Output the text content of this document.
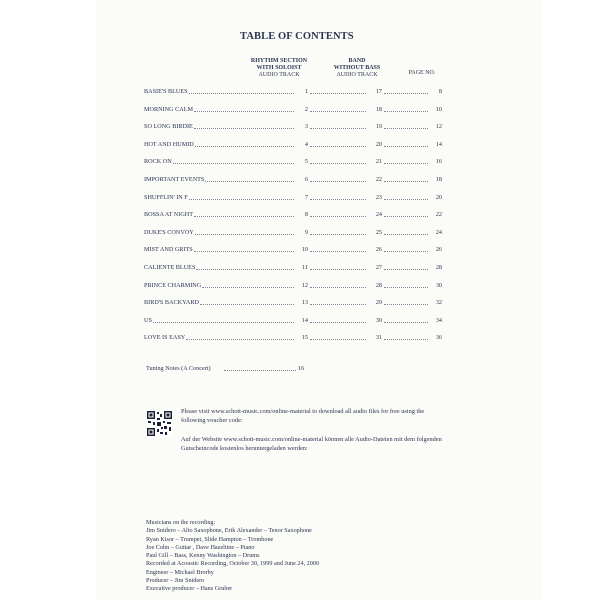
TABLE OF CONTENTS
RHYTHM SECTION
WITH SOLOIST
AUDIO TRACK
BAND
WITHOUT BASS
AUDIO TRACK	PAGE NO.
BASIE'S BLUES	1	17	8
MORNING CALM	2	18	10
SO LONG BIRDIE	3	19	12
HOT AND HUMID	4	20	14
ROCK ON	5	21	16
IMPORTANT EVENTS	6	22	18
SHUFFLIN' IN F	7	23	20
BOSSA AT NIGHT	8	24	22
DUKE'S CONVOY	9	25	24
MIST AND GRITS	10	26	26
CALIENTE BLUES	11	27	28
PRINCE CHARMING	12	28	30
BIRD'S BACKYARD	13	29	32
US	14	30	34
LOVE IS EASY	15	31	36
Tuning Notes (A Concert)	16

Please visit www.schott-music.com/online-material to download all audio files for free using the following voucher code:

Auf der Website www.schott-music.com/online-material können alle Audio-Dateien mit dem folgenden Gutscheincode kostenlos heruntergeladen werden:

Musicians on the recording:
Jim Snidero – Alto Saxophone, Erik Alexander – Tenor Saxophone
Ryan Kisor – Trumpet, Slide Hampton – Trombone
Joe Cohn – Guitar , Dave Hazeltine – Piano
Paul Gill – Bass, Kenny Washington – Drums
Recorded at Acoustic Recording, October 30, 1999 and June 24, 2000
Engineer – Michael Brorby
Producer – Jim Snidero
Executive producer – Hans Gruber
